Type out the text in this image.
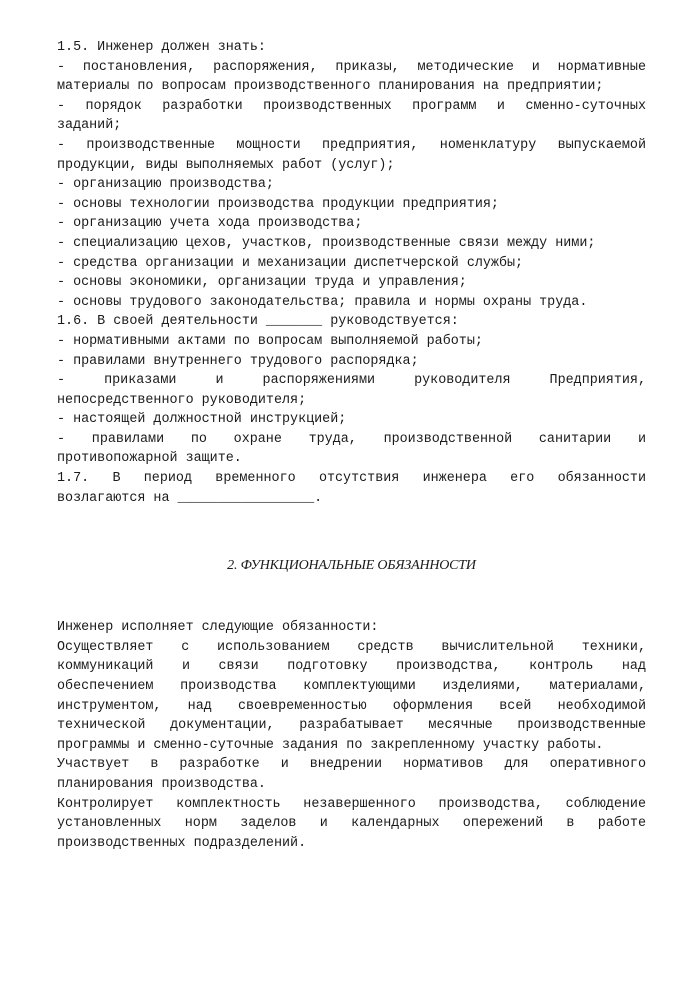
1.5. Инженер должен знать:

- постановления, распоряжения, приказы, методические и нормативные

материалы по вопросам производственного планирования на предприятии;

- порядок разработки производственных программ и сменно-суточных

заданий;

- производственные мощности предприятия, номенклатуру выпускаемой

продукции, виды выполняемых работ (услуг);

- организацию производства;

- основы технологии производства продукции предприятия;

- организацию учета хода производства;

- специализацию цехов, участков, производственные связи между ними;

- средства организации и механизации диспетчерской службы;

- основы экономики, организации труда и управления;

- основы трудового законодательства; правила и нормы охраны труда.

1.6. В своей деятельности _______ руководствуется:

- нормативными актами по вопросам выполняемой работы;

- правилами внутреннего трудового распорядка;

- приказами и распоряжениями руководителя Предприятия,

непосредственного руководителя;

- настоящей должностной инструкцией;

- правилами по охране труда, производственной санитарии и

противопожарной защите.

1.7. В период временного отсутствия инженера его обязанности

возлагаются на _________________.

2. ФУНКЦИОНАЛЬНЫЕ ОБЯЗАННОСТИ

Инженер исполняет следующие обязанности:

Осуществляет с использованием средств вычислительной техники,

коммуникаций и связи подготовку производства, контроль над

обеспечением производства комплектующими изделиями, материалами,

инструментом, над своевременностью оформления всей необходимой

технической документации, разрабатывает месячные производственные

программы и сменно-суточные задания по закрепленному участку работы.

Участвует в разработке и внедрении нормативов для оперативного

планирования производства.

Контролирует комплектность незавершенного производства, соблюдение

установленных норм заделов и календарных опережений в работе

производственных подразделений.
